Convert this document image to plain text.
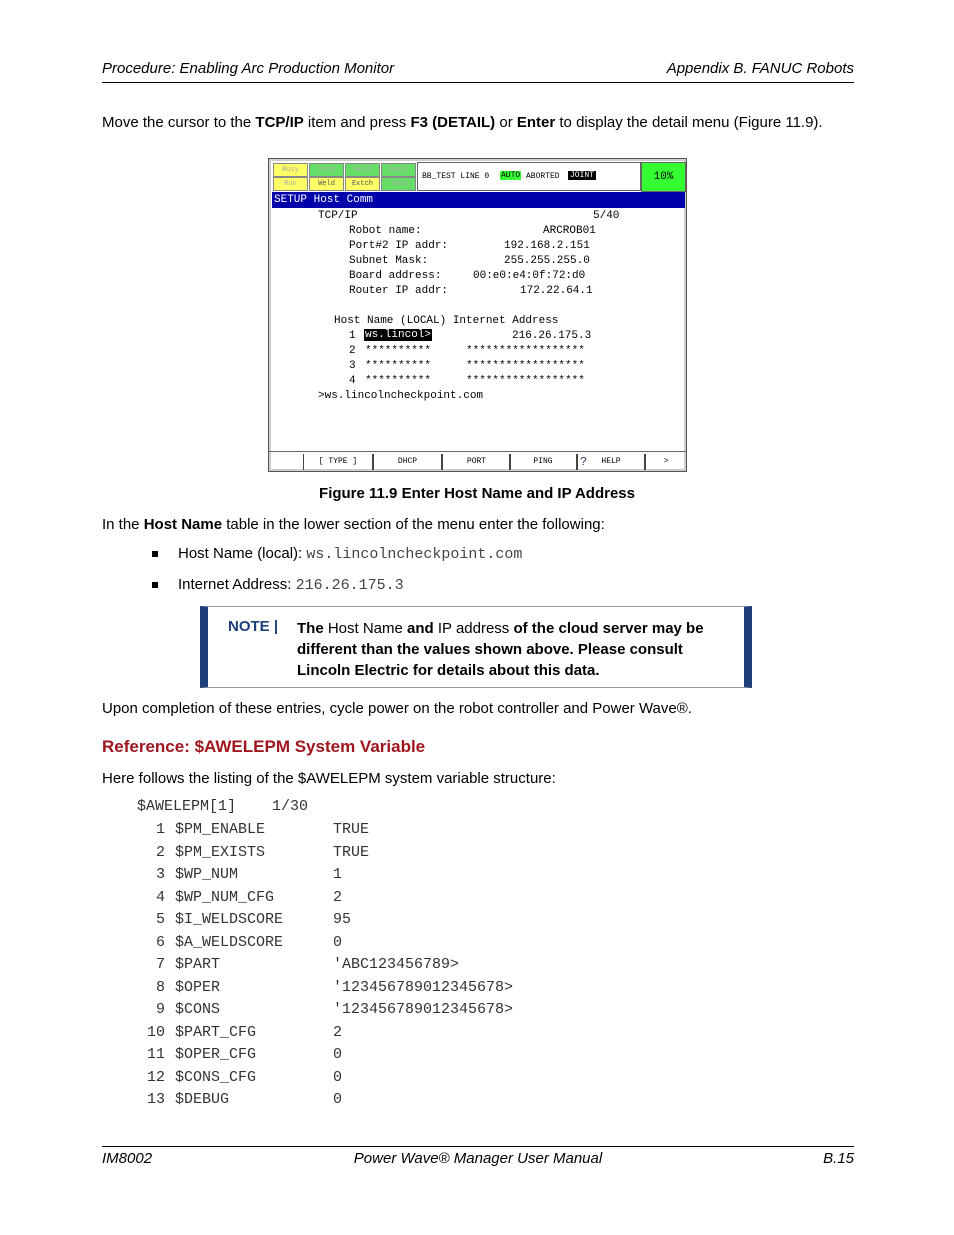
Procedure: Enabling Arc Production Monitor	Appendix B. FANUC Robots

Move the cursor to the TCP/IP item and press F3 (DETAIL) or Enter to display the detail menu (Figure 11.9).

Busy	Step	Hold	Fault
Run	Weld	Extch	Ieee
BB_TEST LINE 0 AUTO ABORTED JOINT	10%
SETUP Host Comm
TCP/IP	5/40
Robot name:	ARCROB01
Port#2 IP addr:	192.168.2.151
Subnet Mask:	255.255.255.0
Board address:	00:e0:e4:0f:72:d0
Router IP addr:	172.22.64.1
Host Name (LOCAL) Internet Address
1 ws.lincol>	216.26.175.3
2 **********	******************
3 **********	******************
4 **********	******************
>ws.lincolncheckpoint.com
[ TYPE ]	DHCP	PORT	PING	? HELP	>
Figure 11.9 Enter Host Name and IP Address

In the Host Name table in the lower section of the menu enter the following:

Host Name (local): ws.lincolncheckpoint.com
Internet Address: 216.26.175.3
NOTE | The Host Name and IP address of the cloud server may be different than the values shown above. Please consult Lincoln Electric for details about this data.

Upon completion of these entries, cycle power on the robot controller and Power Wave®.

Reference: $AWELEPM System Variable

Here follows the listing of the $AWELEPM system variable structure:

$AWELEPM[1]    1/30
1 $PM_ENABLE	TRUE
2 $PM_EXISTS	TRUE
3 $WP_NUM	1
4 $WP_NUM_CFG	2
5 $I_WELDSCORE	95
6 $A_WELDSCORE	0
7 $PART	'ABC123456789>
8 $OPER	'123456789012345678>
9 $CONS	'123456789012345678>
10 $PART_CFG	2
11 $OPER_CFG	0
12 $CONS_CFG	0
13 $DEBUG	0
IM8002	Power Wave® Manager User Manual	B.15
